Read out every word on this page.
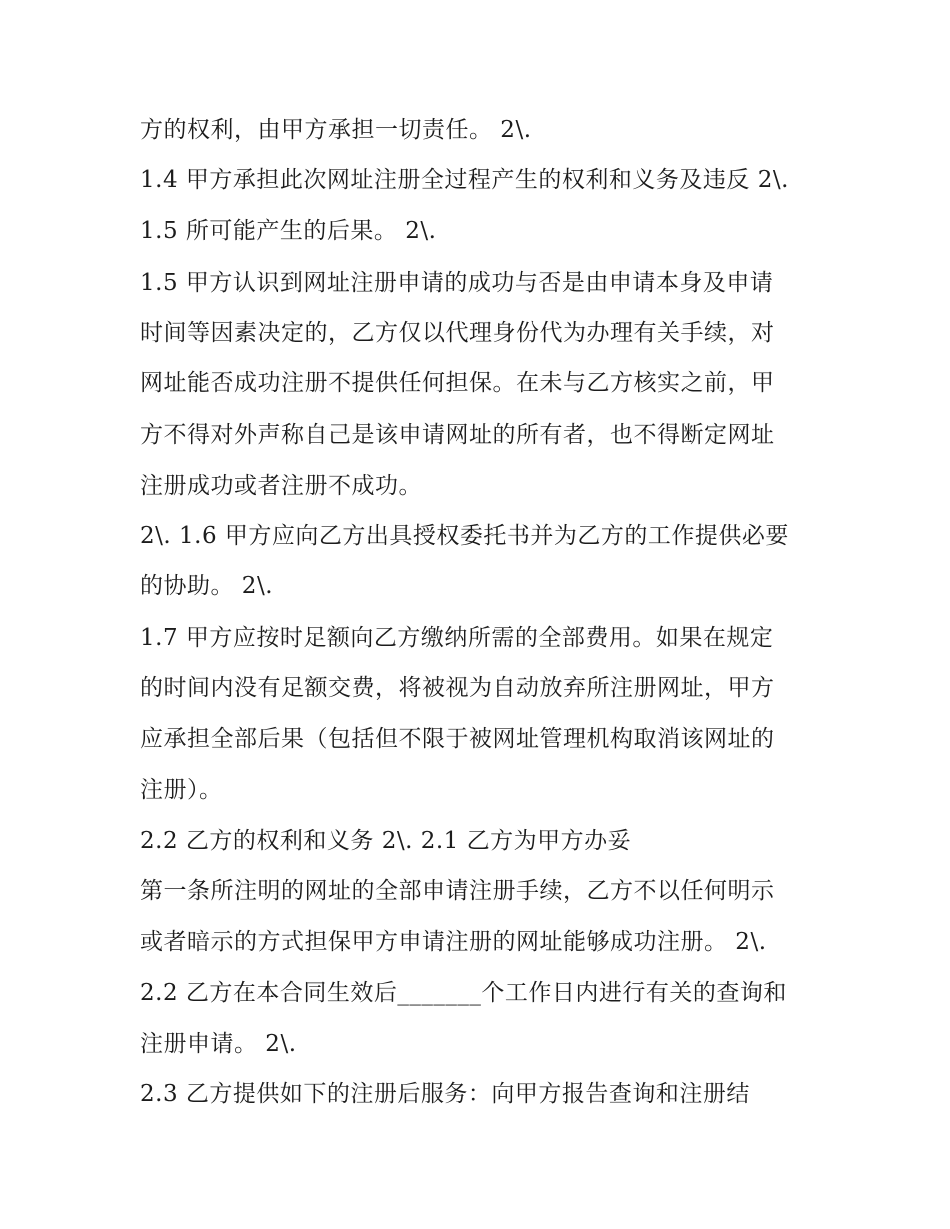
方的权利，由甲方承担一切责任。 2\.
1.4 甲方承担此次网址注册全过程产生的权利和义务及违反 2\.
1.5 所可能产生的后果。 2\.
1.5 甲方认识到网址注册申请的成功与否是由申请本身及申请
时间等因素决定的，乙方仅以代理身份代为办理有关手续，对
网址能否成功注册不提供任何担保。在未与乙方核实之前，甲
方不得对外声称自己是该申请网址的所有者，也不得断定网址
注册成功或者注册不成功。
2\. 1.6 甲方应向乙方出具授权委托书并为乙方的工作提供必要
的协助。 2\.
1.7 甲方应按时足额向乙方缴纳所需的全部费用。如果在规定
的时间内没有足额交费，将被视为自动放弃所注册网址，甲方
应承担全部后果（包括但不限于被网址管理机构取消该网址的
注册）。
2.2 乙方的权利和义务 2\. 2.1 乙方为甲方办妥
第一条所注明的网址的全部申请注册手续，乙方不以任何明示
或者暗示的方式担保甲方申请注册的网址能够成功注册。 2\.
2.2 乙方在本合同生效后_______个工作日内进行有关的查询和
注册申请。 2\.
2.3 乙方提供如下的注册后服务：向甲方报告查询和注册结
